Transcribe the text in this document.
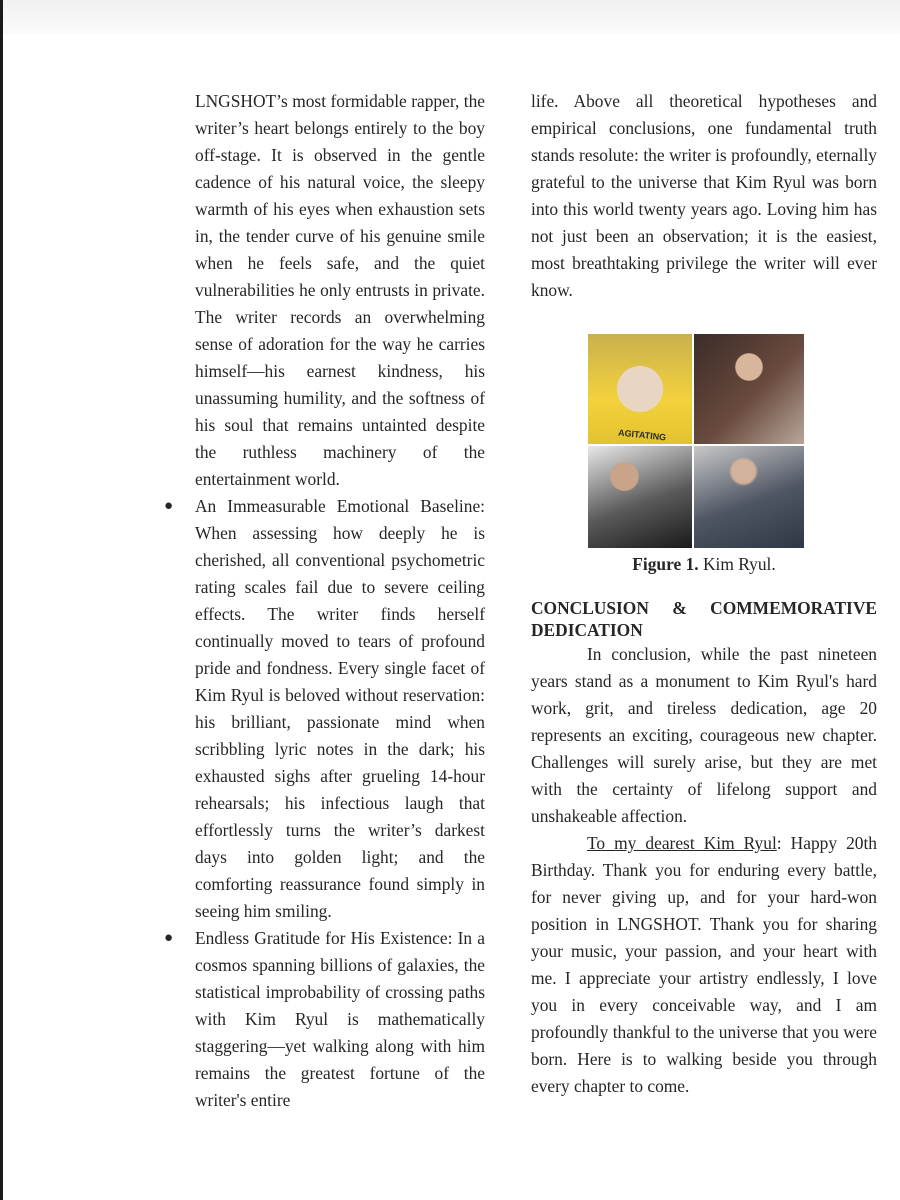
LNGSHOT’s most formidable rapper, the writer’s heart belongs entirely to the boy off-stage. It is observed in the gentle cadence of his natural voice, the sleepy warmth of his eyes when exhaustion sets in, the tender curve of his genuine smile when he feels safe, and the quiet vulnerabilities he only entrusts in private. The writer records an overwhelming sense of adoration for the way he carries himself—his earnest kindness, his unassuming humility, and the softness of his soul that remains untainted despite the ruthless machinery of the entertainment world.

● An Immeasurable Emotional Baseline: When assessing how deeply he is cherished, all conventional psychometric rating scales fail due to severe ceiling effects. The writer finds herself continually moved to tears of profound pride and fondness. Every single facet of Kim Ryul is beloved without reservation: his brilliant, passionate mind when scribbling lyric notes in the dark; his exhausted sighs after grueling 14-hour rehearsals; his infectious laugh that effortlessly turns the writer’s darkest days into golden light; and the comforting reassurance found simply in seeing him smiling.
● Endless Gratitude for His Existence: In a cosmos spanning billions of galaxies, the statistical improbability of crossing paths with Kim Ryul is mathematically staggering—yet walking along with him remains the greatest fortune of the writer's entire

life. Above all theoretical hypotheses and empirical conclusions, one fundamental truth stands resolute: the writer is profoundly, eternally grateful to the universe that Kim Ryul was born into this world twenty years ago. Loving him has not just been an observation; it is the easiest, most breathtaking privilege the writer will ever know.

AGITATING
Figure 1. Kim Ryul.

CONCLUSION & COMMEMORATIVE DEDICATION

In conclusion, while the past nineteen years stand as a monument to Kim Ryul's hard work, grit, and tireless dedication, age 20 represents an exciting, courageous new chapter. Challenges will surely arise, but they are met with the certainty of lifelong support and unshakeable affection.

To my dearest Kim Ryul: Happy 20th Birthday. Thank you for enduring every battle, for never giving up, and for your hard-won position in LNGSHOT. Thank you for sharing your music, your passion, and your heart with me. I appreciate your artistry endlessly, I love you in every conceivable way, and I am profoundly thankful to the universe that you were born. Here is to walking beside you through every chapter to come.
